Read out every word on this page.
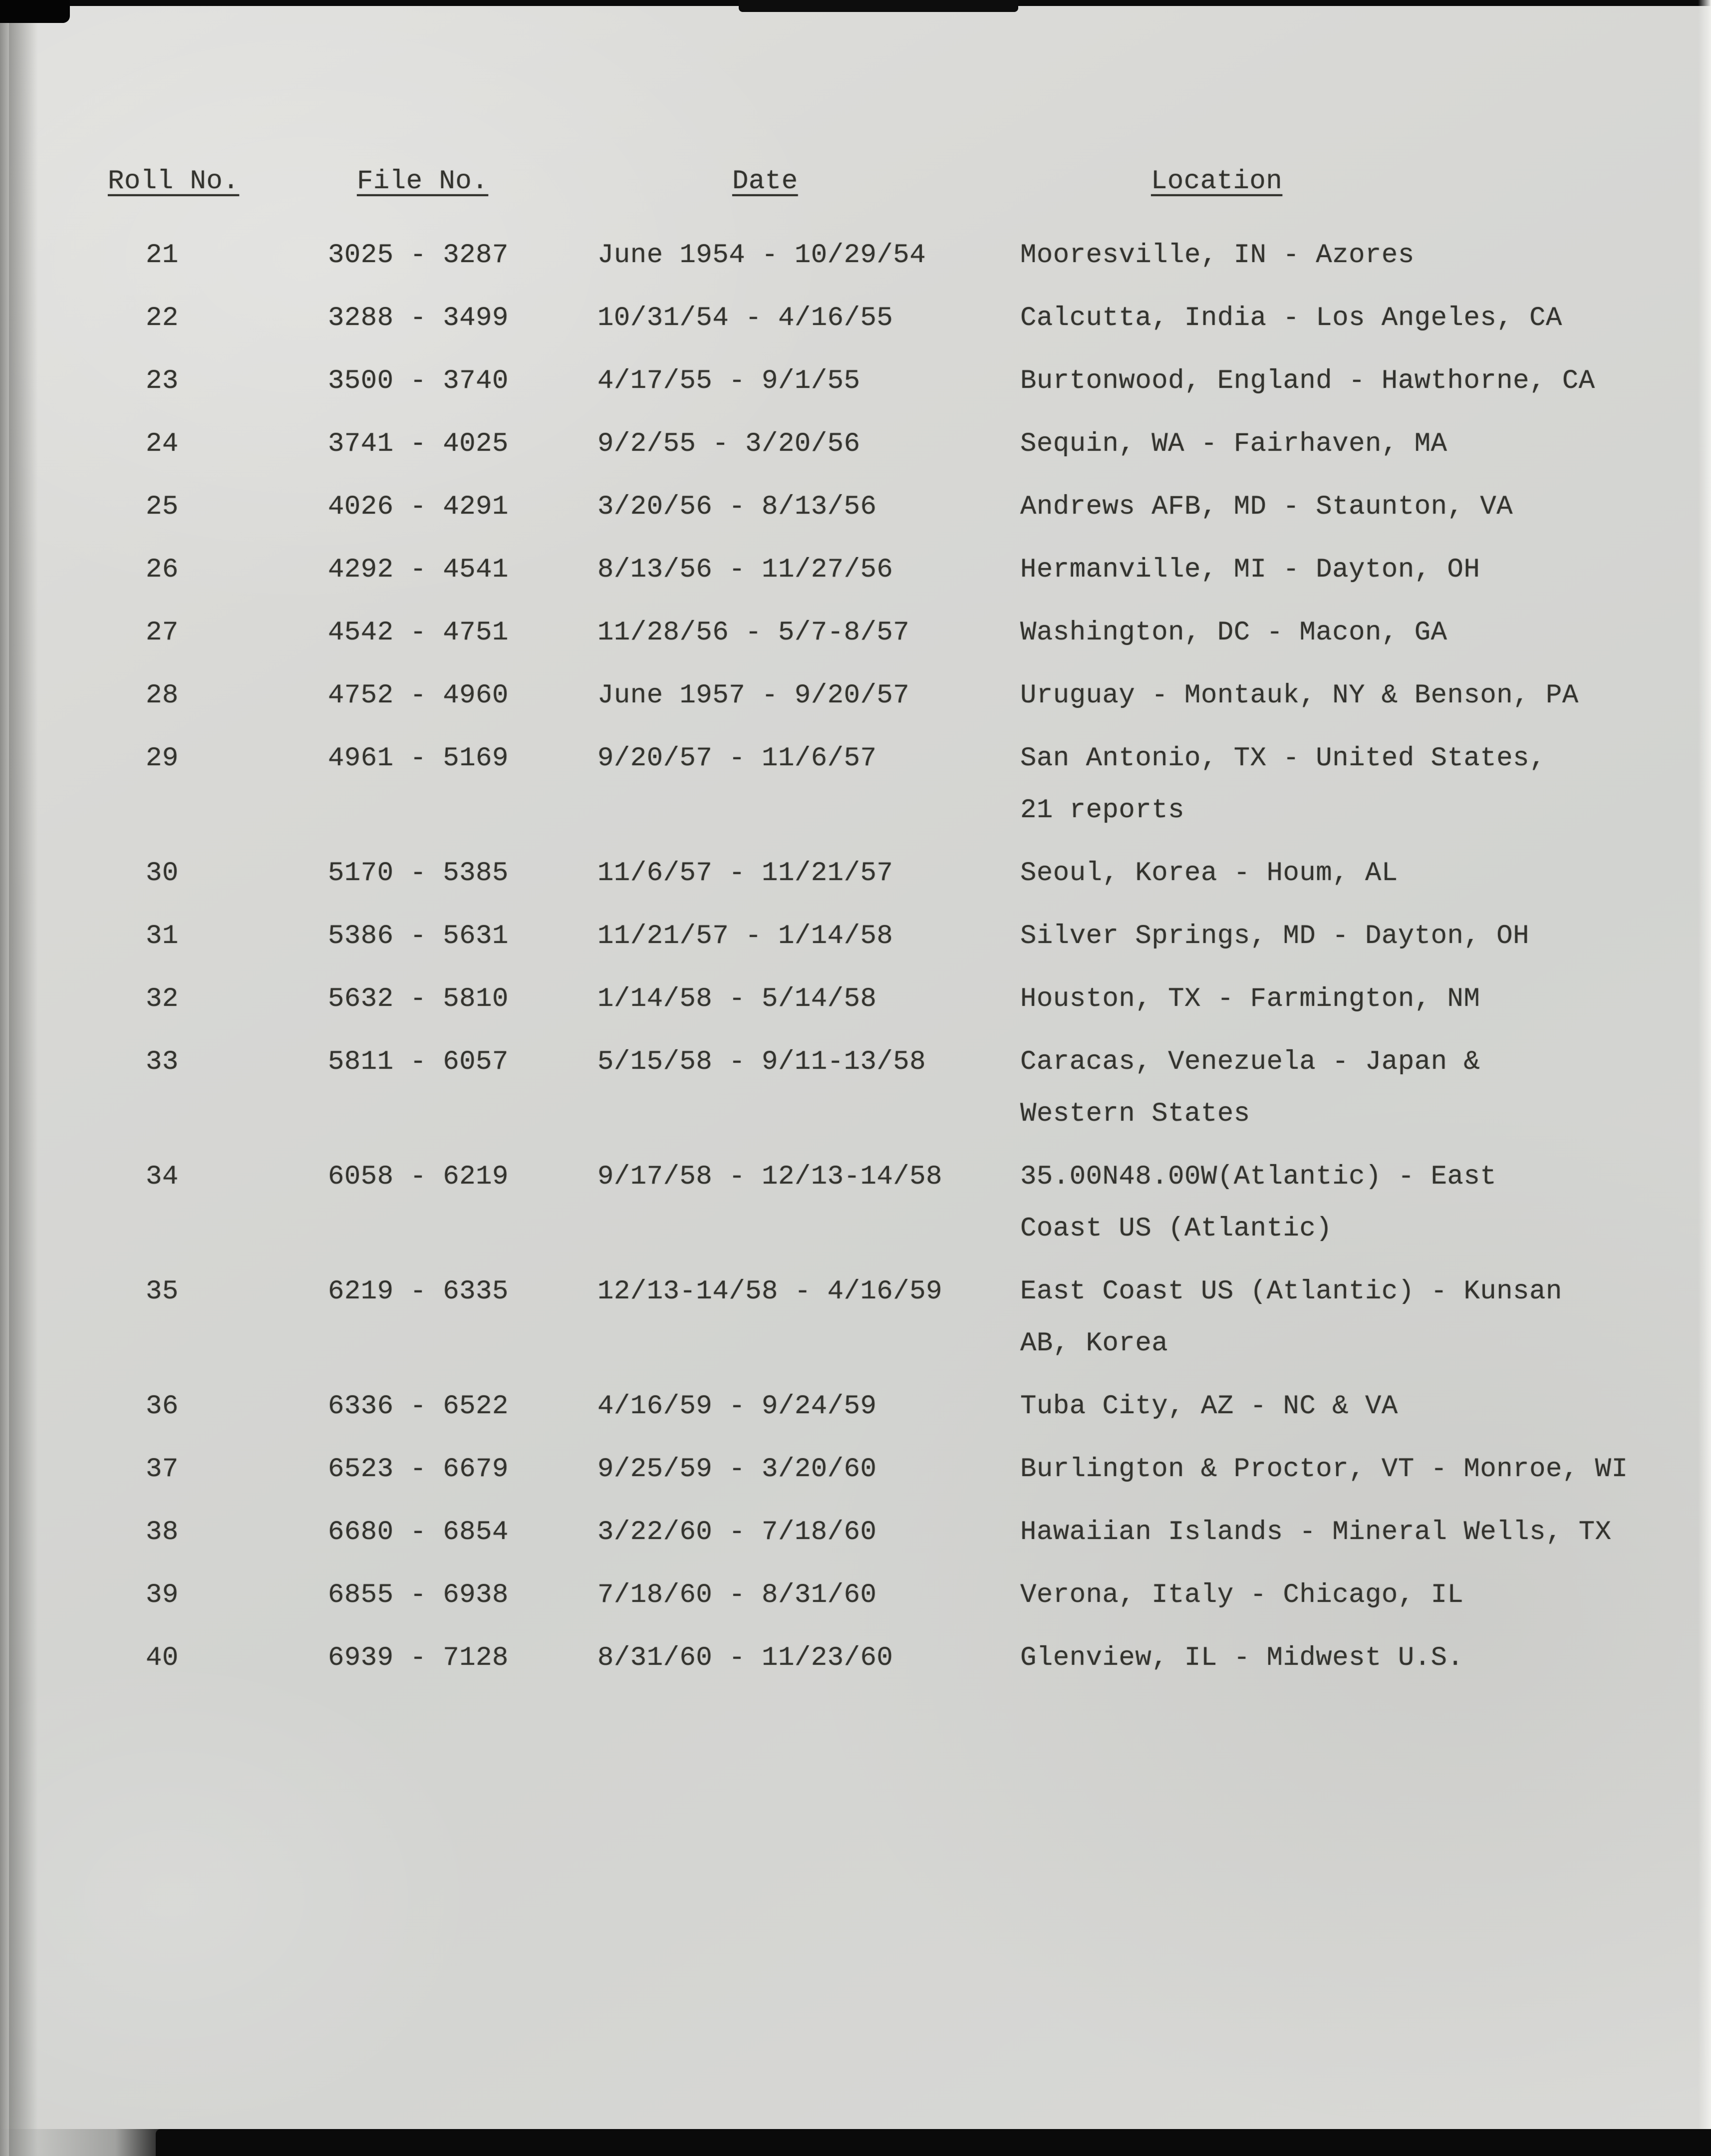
Roll No.	File No.	Date	Location
21	3025 - 3287	June 1954 - 10/29/54	Mooresville, IN - Azores
22	3288 - 3499	10/31/54 - 4/16/55	Calcutta, India - Los Angeles, CA
23	3500 - 3740	4/17/55 - 9/1/55	Burtonwood, England - Hawthorne, CA
24	3741 - 4025	9/2/55 - 3/20/56	Sequin, WA - Fairhaven, MA
25	4026 - 4291	3/20/56 - 8/13/56	Andrews AFB, MD - Staunton, VA
26	4292 - 4541	8/13/56 - 11/27/56	Hermanville, MI - Dayton, OH
27	4542 - 4751	11/28/56 - 5/7-8/57	Washington, DC - Macon, GA
28	4752 - 4960	June 1957 - 9/20/57	Uruguay - Montauk, NY & Benson, PA
29	4961 - 5169	9/20/57 - 11/6/57	San Antonio, TX - United States,
21 reports
30	5170 - 5385	11/6/57 - 11/21/57	Seoul, Korea - Houm, AL
31	5386 - 5631	11/21/57 - 1/14/58	Silver Springs, MD - Dayton, OH
32	5632 - 5810	1/14/58 - 5/14/58	Houston, TX - Farmington, NM
33	5811 - 6057	5/15/58 - 9/11-13/58	Caracas, Venezuela - Japan &
Western States
34	6058 - 6219	9/17/58 - 12/13-14/58	35.00N48.00W(Atlantic) - East
Coast US (Atlantic)
35	6219 - 6335	12/13-14/58 - 4/16/59	East Coast US (Atlantic) - Kunsan
AB, Korea
36	6336 - 6522	4/16/59 - 9/24/59	Tuba City, AZ - NC & VA
37	6523 - 6679	9/25/59 - 3/20/60	Burlington & Proctor, VT - Monroe, WI
38	6680 - 6854	3/22/60 - 7/18/60	Hawaiian Islands - Mineral Wells, TX
39	6855 - 6938	7/18/60 - 8/31/60	Verona, Italy - Chicago, IL
40	6939 - 7128	8/31/60 - 11/23/60	Glenview, IL - Midwest U.S.
